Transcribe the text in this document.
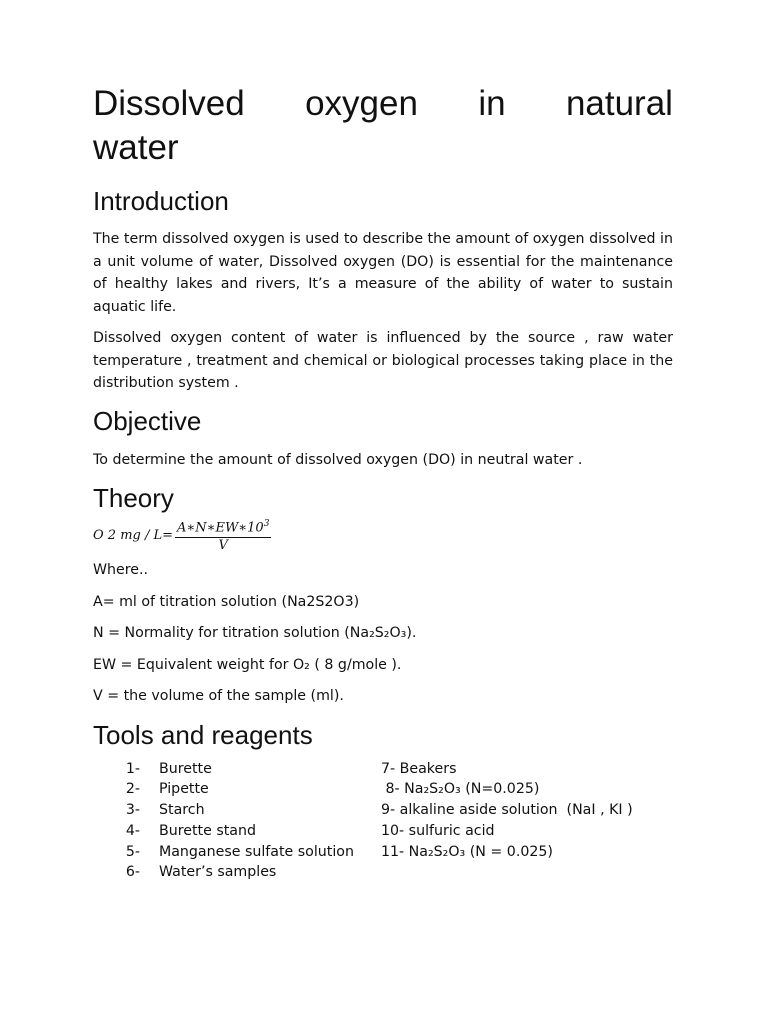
Dissolved oxygen in natural
water
Introduction

The term dissolved oxygen is used to describe the amount of oxygen dissolved in a unit volume of water, Dissolved oxygen (DO) is essential for the maintenance of healthy lakes and rivers, It’s a measure of the ability of water to sustain aquatic life.

Dissolved oxygen content of water is influenced by the source , raw water temperature , treatment and chemical or biological processes taking place in the distribution system .

Objective

To determine the amount of dissolved oxygen (DO) in neutral water .

Theory
O 2 mg / $L= \frac{A∗N∗EW∗10^3}{V}$

Where..

A= ml of titration solution (Na2S2O3)

N = Normality for titration solution (Na₂S₂O₃).

EW = Equivalent weight for O₂ ( 8 g/mole ).

V = the volume of the sample (ml).

Tools and reagents
1- Burette
2- Pipette
3- Starch
4- Burette stand
5- Manganese sulfate solution
6- Water’s samples
7- Beakers
8- Na₂S₂O₃ (N=0.025)
9- alkaline aside solution  (NaI , KI )
10- sulfuric acid
11- Na₂S₂O₃ (N = 0.025)
